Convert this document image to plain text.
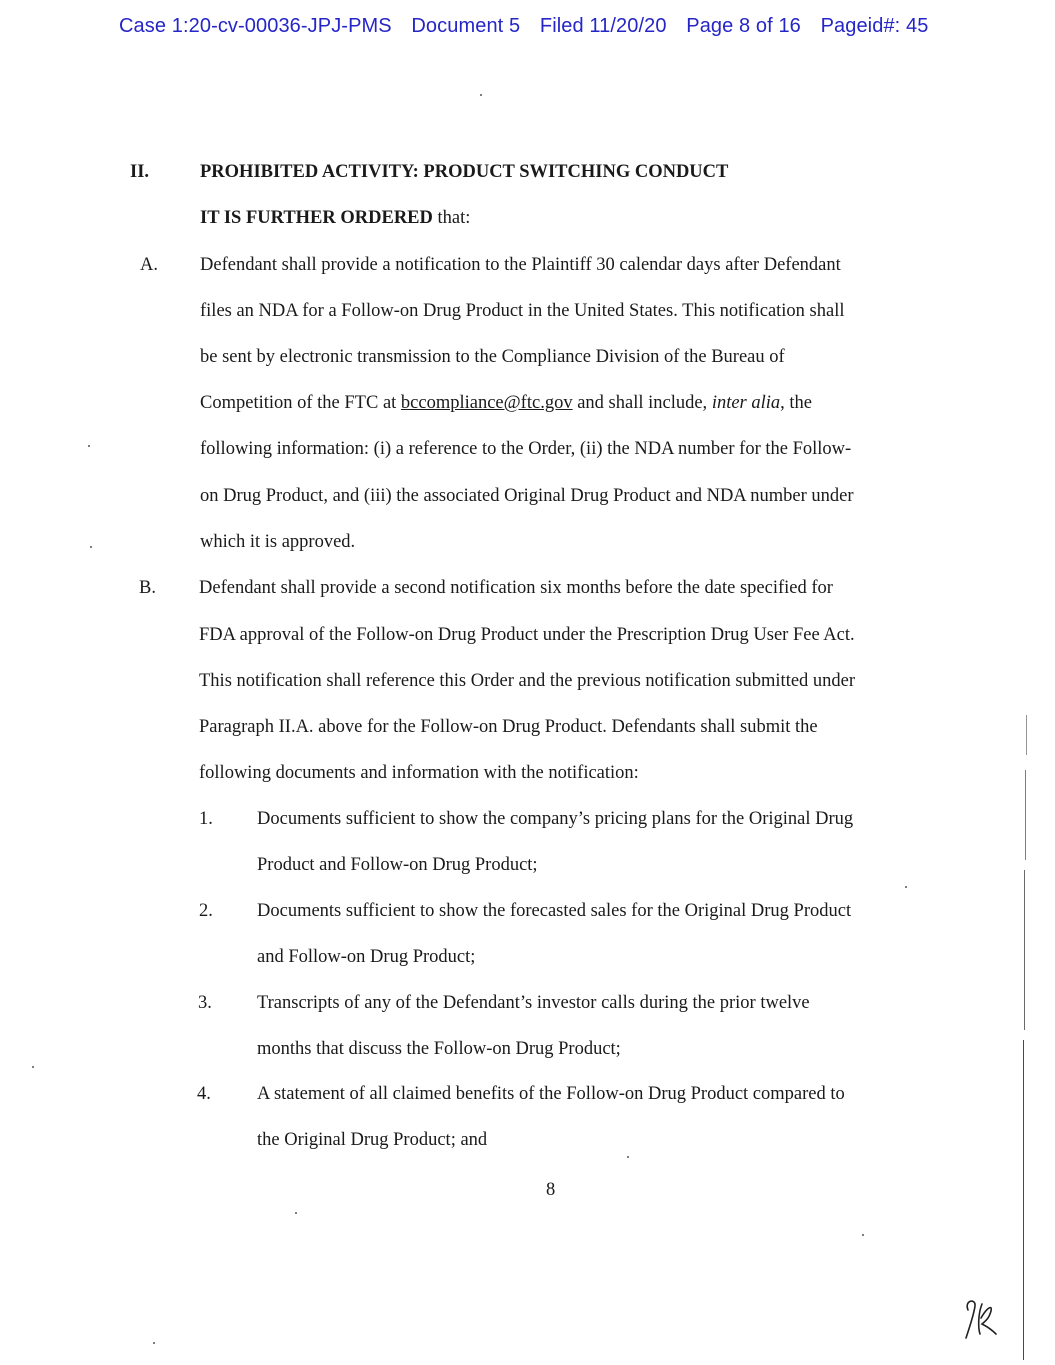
Case 1:20-cv-00036-JPJ-PMS Document 5 Filed 11/20/20 Page 8 of 16 Pageid#: 45
II.	PROHIBITED ACTIVITY: PRODUCT SWITCHING CONDUCT
IT IS FURTHER ORDERED that:
A. Defendant shall provide a notification to the Plaintiff 30 calendar days after Defendant
files an NDA for a Follow-on Drug Product in the United States. This notification shall
be sent by electronic transmission to the Compliance Division of the Bureau of
Competition of the FTC at bccompliance@ftc.gov and shall include, inter alia, the
following information: (i) a reference to the Order, (ii) the NDA number for the Follow-
on Drug Product, and (iii) the associated Original Drug Product and NDA number under
which it is approved.
B. Defendant shall provide a second notification six months before the date specified for
FDA approval of the Follow-on Drug Product under the Prescription Drug User Fee Act.
This notification shall reference this Order and the previous notification submitted under
Paragraph II.A. above for the Follow-on Drug Product. Defendants shall submit the
following documents and information with the notification:
1. Documents sufficient to show the company’s pricing plans for the Original Drug
Product and Follow-on Drug Product;
2. Documents sufficient to show the forecasted sales for the Original Drug Product
and Follow-on Drug Product;
3. Transcripts of any of the Defendant’s investor calls during the prior twelve
months that discuss the Follow-on Drug Product;
4. A statement of all claimed benefits of the Follow-on Drug Product compared to
the Original Drug Product; and
8
